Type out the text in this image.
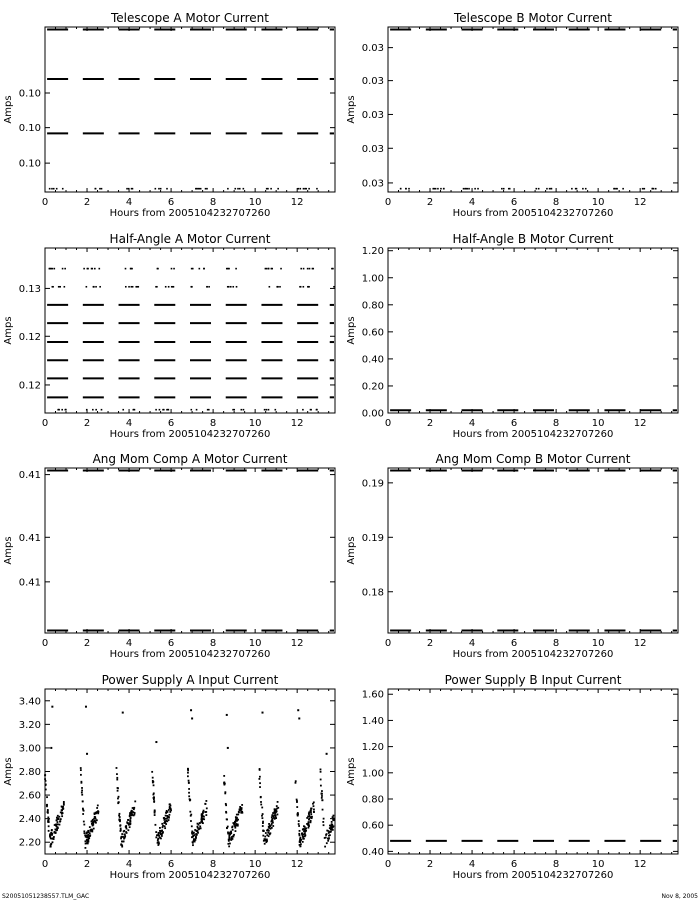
Telescope A Motor Current
0	2	4	6	8	10	12
Hours from 2005104232707260
0.10
0.10
0.10
Amps
Telescope B Motor Current
0	2	4	6	8	10	12
Hours from 2005104232707260
0.03
0.03
0.03
0.03
0.03
Amps
Half-Angle A Motor Current
0	2	4	6	8	10	12
Hours from 2005104232707260
0.12
0.12
0.13
Amps
Half-Angle B Motor Current
0	2	4	6	8	10	12
Hours from 2005104232707260
0.00
0.20
0.40
0.60
0.80
1.00
1.20
Amps
Ang Mom Comp A Motor Current
0	2	4	6	8	10	12
Hours from 2005104232707260
0.41
0.41
0.41
Amps
Ang Mom Comp B Motor Current
0	2	4	6	8	10	12
Hours from 2005104232707260
0.18
0.19
0.19
Amps
Power Supply A Input Current
0	2	4	6	8	10	12
Hours from 2005104232707260
2.20
2.40
2.60
2.80
3.00
3.20
3.40
Amps
Power Supply B Input Current
0	2	4	6	8	10	12
Hours from 2005104232707260
0.40
0.60
0.80
1.00
1.20
1.40
1.60
Amps
S20051051238557.TLM_GAC	Nov 8, 2005
